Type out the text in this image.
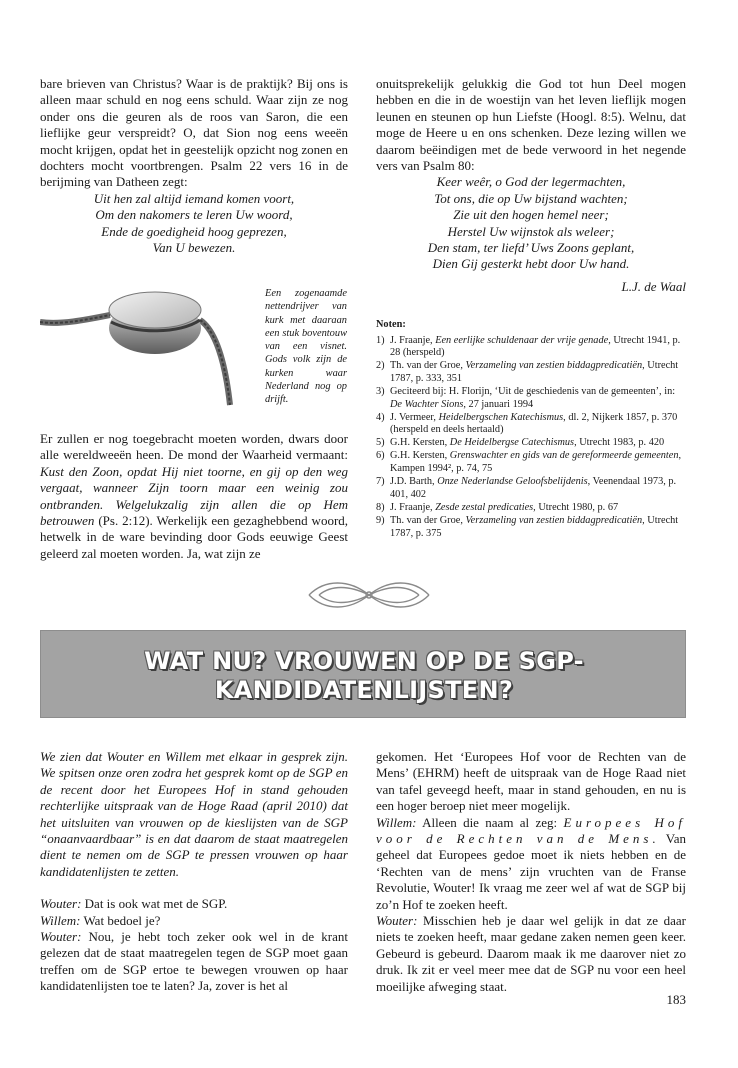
bare brieven van Christus? Waar is de praktijk? Bij ons is alleen maar schuld en nog eens schuld. Waar zijn ze nog onder ons die geuren als de roos van Saron, die een lieflijke geur verspreidt? O, dat Sion nog eens weeën mocht krijgen, opdat het in geestelijk opzicht nog zonen en dochters mocht voortbrengen. Psalm 22 vers 16 in de berijming van Datheen zegt:

Uit hen zal altijd iemand komen voort,
Om den nakomers te leren Uw woord,
Ende de goedigheid hoog geprezen,
Van U bewezen.
Een zogenaamde nettendrijver van kurk met daaraan een stuk boventouw van een visnet. Gods volk zijn de kurken waar Nederland nog op drijft.

Er zullen er nog toegebracht moeten worden, dwars door alle wereldweeën heen. De mond der Waarheid vermaant: Kust den Zoon, opdat Hij niet toorne, en gij op den weg vergaat, wanneer Zijn toorn maar een weinig zou ontbranden. Welgelukzalig zijn allen die op Hem betrouwen (Ps. 2:12). Werkelijk een gezaghebbend woord, hetwelk in de ware bevinding door Gods eeuwige Geest geleerd zal moeten worden. Ja, wat zijn ze

onuitsprekelijk gelukkig die God tot hun Deel mogen hebben en die in de woestijn van het leven lieflijk mogen leunen en steunen op hun Liefste (Hoogl. 8:5). Welnu, dat moge de Heere u en ons schenken. Deze lezing willen we daarom beëindigen met de bede verwoord in het negende vers van Psalm 80:

Keer weêr, o God der legermachten,
Tot ons, die op Uw bijstand wachten;
Zie uit den hogen hemel neer;
Herstel Uw wijnstok als weleer;
Den stam, ter liefd’ Uws Zoons geplant,
Dien Gij gesterkt hebt door Uw hand.
L.J. de Waal
Noten:
1) J. Fraanje, Een eerlijke schuldenaar der vrije genade, Utrecht 1941, p. 28 (herspeld)
2) Th. van der Groe, Verzameling van zestien biddagpredicatiën, Utrecht 1787, p. 333, 351
3) Geciteerd bij: H. Florijn, ‘Uit de geschiedenis van de gemeenten’, in: De Wachter Sions, 27 januari 1994
4) J. Vermeer, Heidelbergschen Katechismus, dl. 2, Nijkerk 1857, p. 370 (herspeld en deels hertaald)
5) G.H. Kersten, De Heidelbergse Catechismus, Utrecht 1983, p. 420
6) G.H. Kersten, Grenswachter en gids van de gereformeerde gemeenten, Kampen 1994², p. 74, 75
7) J.D. Barth, Onze Nederlandse Geloofsbelijdenis, Veenendaal 1973, p. 401, 402
8) J. Fraanje, Zesde zestal predicaties, Utrecht 1980, p. 67
9) Th. van der Groe, Verzameling van zestien biddagpredicatiën, Utrecht 1787, p. 375
WAT NU? VROUWEN OP DE SGP-
KANDIDATENLIJSTEN?

We zien dat Wouter en Willem met elkaar in gesprek zijn. We spitsen onze oren zodra het gesprek komt op de SGP en de recent door het Europees Hof in stand gehouden rechterlijke uitspraak van de Hoge Raad (april 2010) dat het uitsluiten van vrouwen op de kieslijsten van de SGP “onaanvaardbaar” is en dat daarom de staat maatregelen dient te nemen om de SGP te pressen vrouwen op haar kandidatenlijsten te zetten.

Wouter: Dat is ook wat met de SGP.

Willem: Wat bedoel je?

Wouter: Nou, je hebt toch zeker ook wel in de krant gelezen dat de staat maatregelen tegen de SGP moet gaan treffen om de SGP ertoe te bewegen vrouwen op haar kandidatenlijsten toe te laten? Ja, zover is het al

gekomen. Het ‘Europees Hof voor de Rechten van de Mens’ (EHRM) heeft de uitspraak van de Hoge Raad niet van tafel geveegd heeft, maar in stand gehouden, en nu is een hoger beroep niet meer mogelijk.

Willem: Alleen die naam al zeg: Europees Hof voor de Rechten van de Mens. Van geheel dat Europees gedoe moet ik niets hebben en de ‘Rechten van de mens’ zijn vruchten van de Franse Revolutie, Wouter! Ik vraag me zeer wel af wat de SGP bij zo’n Hof te zoeken heeft.

Wouter: Misschien heb je daar wel gelijk in dat ze daar niets te zoeken heeft, maar gedane zaken nemen geen keer. Gebeurd is gebeurd. Daarom maak ik me daarover niet zo druk. Ik zit er veel meer mee dat de SGP nu voor een heel moeilijke afweging staat.

183
